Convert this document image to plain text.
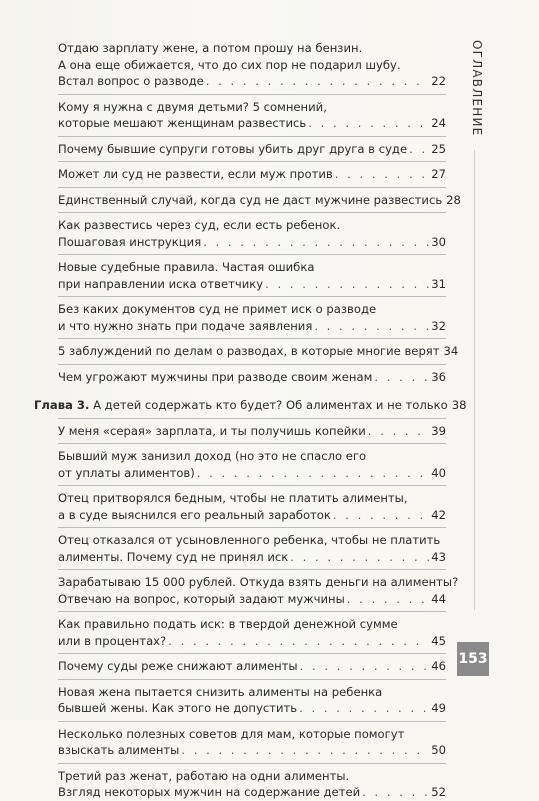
Отдаю зарплату жене, а потом прошу на бензин.
А она еще обижается, что до сих пор не подарил шубу.
Встал вопрос о разводе . . .	22
Кому я нужна с двумя детьми? 5 сомнений,
которые мешают женщинам развестись . . .	24
Почему бывшие супруги готовы убить друг друга в суде . . . 25
Может ли суд не развести, если муж против . . .	27
Единственный случай, когда суд не даст мужчине развестись 28
Как развестись через суд, если есть ребенок.
Пошаговая инструкция . . .	30
Новые судебные правила. Частая ошибка
при направлении иска ответчику . . .	31
Без каких документов суд не примет иск о разводе
и что нужно знать при подаче заявления . . .	32
5 заблуждений по делам о разводах, в которые многие верят 34
Чем угрожают мужчины при разводе своим женам . . .	36
Глава 3.
А детей содержать кто будет? Об алиментах и не только 38
У меня «серая» зарплата, и ты получишь копейки . . .	39
Бывший муж занизил доход (но это не спасло его
от уплаты алиментов) . . .	40
Отец притворялся бедным, чтобы не платить алименты,
а в суде выяснился его реальный заработок . . .	42
Отец отказался от усыновленного ребенка, чтобы не платить
алименты. Почему суд не принял иск . . .	43
Зарабатываю 15 000 рублей. Откуда взять деньги на алименты?
Отвечаю на вопрос, который задают мужчины . . .	44
Как правильно подать иск: в твердой денежной сумме
или в процентах? . . .	45
Почему суды реже снижают алименты . . .	46
Новая жена пытается снизить алименты на ребенка
бывшей жены. Как этого не допустить . . .	49
Несколько полезных советов для мам, которые помогут
взыскать алименты . . .	50
Третий раз женат, работаю на одни алименты.
Взгляд некоторых мужчин на содержание детей . . .	52
ОГЛАВЛЕНИЕ
153
